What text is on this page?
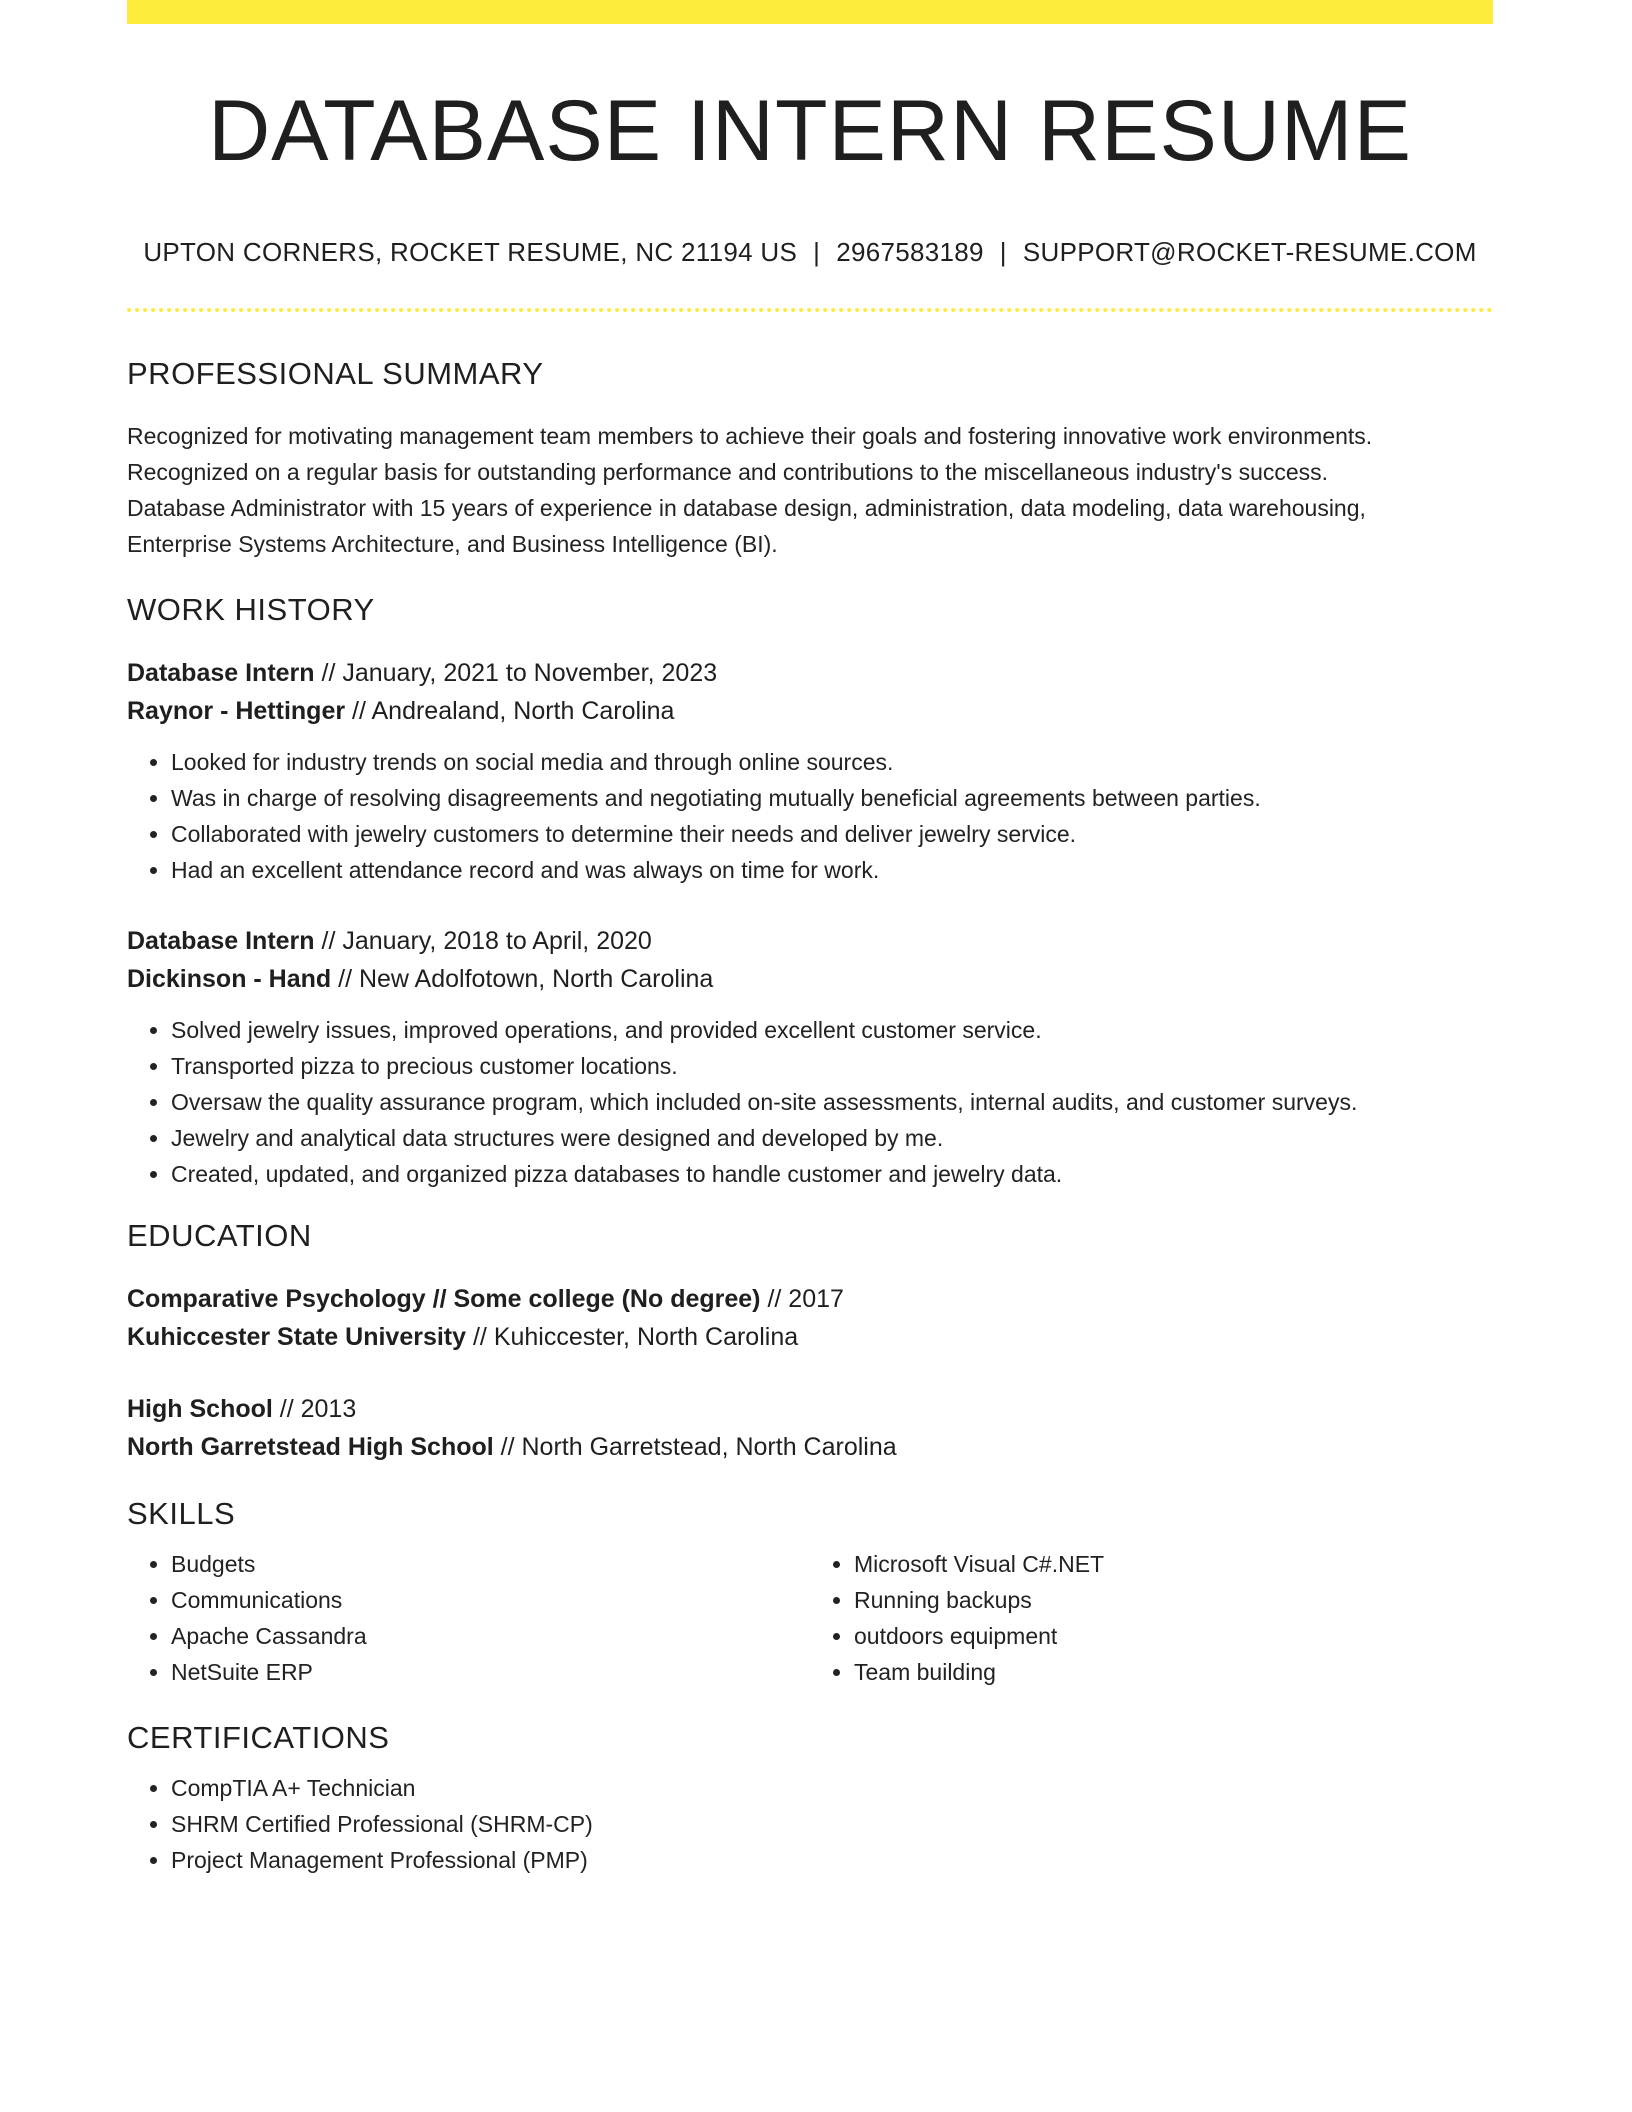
DATABASE INTERN RESUME
UPTON CORNERS, ROCKET RESUME, NC 21194 US | 2967583189 | SUPPORT@ROCKET-RESUME.COM
PROFESSIONAL SUMMARY
Recognized for motivating management team members to achieve their goals and fostering innovative work environments.
Recognized on a regular basis for outstanding performance and contributions to the miscellaneous industry's success.
Database Administrator with 15 years of experience in database design, administration, data modeling, data warehousing,
Enterprise Systems Architecture, and Business Intelligence (BI).
WORK HISTORY
Database Intern // January, 2021 to November, 2023
Raynor - Hettinger // Andrealand, North Carolina
• Looked for industry trends on social media and through online sources.
• Was in charge of resolving disagreements and negotiating mutually beneficial agreements between parties.
• Collaborated with jewelry customers to determine their needs and deliver jewelry service.
• Had an excellent attendance record and was always on time for work.
Database Intern // January, 2018 to April, 2020
Dickinson - Hand // New Adolfotown, North Carolina
• Solved jewelry issues, improved operations, and provided excellent customer service.
• Transported pizza to precious customer locations.
• Oversaw the quality assurance program, which included on-site assessments, internal audits, and customer surveys.
• Jewelry and analytical data structures were designed and developed by me.
• Created, updated, and organized pizza databases to handle customer and jewelry data.
EDUCATION
Comparative Psychology // Some college (No degree) // 2017
Kuhiccester State University // Kuhiccester, North Carolina
High School // 2013
North Garretstead High School // North Garretstead, North Carolina
SKILLS
• Budgets
• Communications
• Apache Cassandra
• NetSuite ERP
• Microsoft Visual C#.NET
• Running backups
• outdoors equipment
• Team building
CERTIFICATIONS
• CompTIA A+ Technician
• SHRM Certified Professional (SHRM-CP)
• Project Management Professional (PMP)
